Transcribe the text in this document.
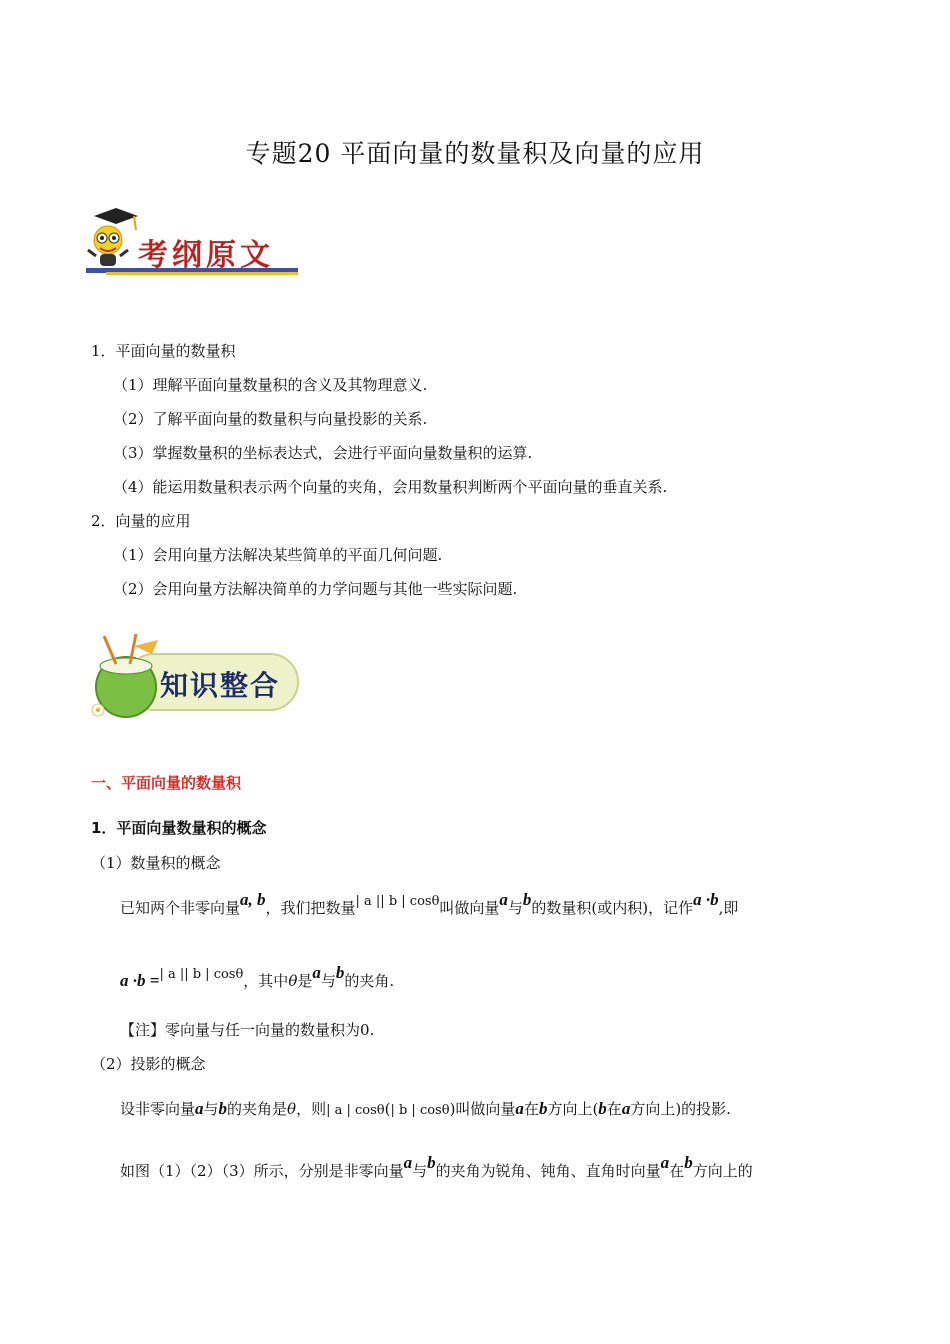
专题20 平面向量的数量积及向量的应用
考纲原文
1．平面向量的数量积
（1）理解平面向量数量积的含义及其物理意义.
（2）了解平面向量的数量积与向量投影的关系.
（3）掌握数量积的坐标表达式，会进行平面向量数量积的运算.
（4）能运用数量积表示两个向量的夹角，会用数量积判断两个平面向量的垂直关系.
2．向量的应用
（1）会用向量方法解决某些简单的平面几何问题.
（2）会用向量方法解决简单的力学问题与其他一些实际问题.
知识整合
一、平面向量的数量积
1．平面向量数量积的概念
（1）数量积的概念
已知两个非零向量a, b，我们把数量| a || b | cosθ叫做向量a与b的数量积(或内积)，记作a ·b,即
a ·b =| a || b | cosθ，其中θ是a与b的夹角.
【注】零向量与任一向量的数量积为0.
（2）投影的概念
设非零向量a与b的夹角是θ，则| a | cosθ(| b | cosθ)叫做向量a在b方向上(b在a方向上)的投影.
如图（1）（2）（3）所示，分别是非零向量a与b的夹角为锐角、钝角、直角时向量a在b方向上的
